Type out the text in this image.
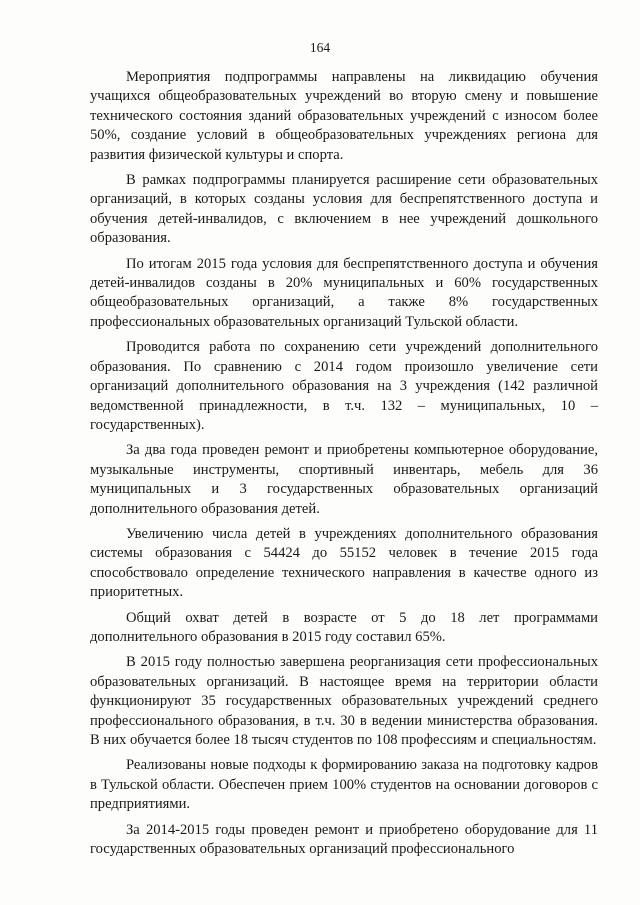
164

Мероприятия подпрограммы направлены на ликвидацию обучения учащихся общеобразовательных учреждений во вторую смену и повышение технического состояния зданий образовательных учреждений с износом более 50%, создание условий в общеобразовательных учреждениях региона для развития физической культуры и спорта.

В рамках подпрограммы планируется расширение сети образовательных организаций, в которых созданы условия для беспрепятственного доступа и обучения детей-инвалидов, с включением в нее учреждений дошкольного образования.

По итогам 2015 года условия для беспрепятственного доступа и обучения детей-инвалидов созданы в 20% муниципальных и 60% государственных общеобразовательных организаций, а также 8% государственных профессиональных образовательных организаций Тульской области.

Проводится работа по сохранению сети учреждений дополнительного образования. По сравнению с 2014 годом произошло увеличение сети организаций дополнительного образования на 3 учреждения (142 различной ведомственной принадлежности, в т.ч. 132 – муниципальных, 10 – государственных).

За два года проведен ремонт и приобретены компьютерное оборудование, музыкальные инструменты, спортивный инвентарь, мебель для 36 муниципальных и 3 государственных образовательных организаций дополнительного образования детей.

Увеличению числа детей в учреждениях дополнительного образования системы образования с 54424 до 55152 человек в течение 2015 года способствовало определение технического направления в качестве одного из приоритетных.

Общий охват детей в возрасте от 5 до 18 лет программами дополнительного образования в 2015 году составил 65%.

В 2015 году полностью завершена реорганизация сети профессиональных образовательных организаций. В настоящее время на территории области функционируют 35 государственных образовательных учреждений среднего профессионального образования, в т.ч. 30 в ведении министерства образования. В них обучается более 18 тысяч студентов по 108 профессиям и специальностям.

Реализованы новые подходы к формированию заказа на подготовку кадров в Тульской области. Обеспечен прием 100% студентов на основании договоров с предприятиями.

За 2014-2015 годы проведен ремонт и приобретено оборудование для 11 государственных образовательных организаций профессионального
